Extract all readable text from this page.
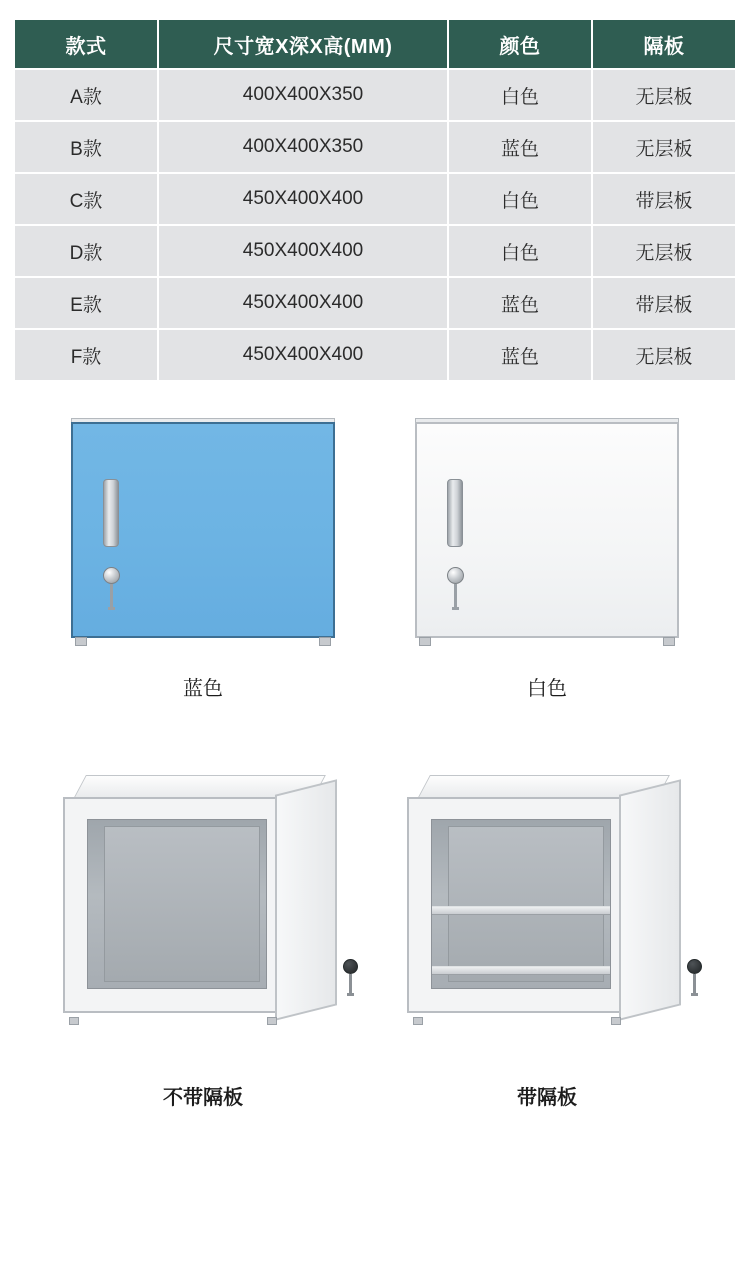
款式	尺寸宽X深X高(MM)	颜色	隔板
A款	400X400X350	白色	无层板
B款	400X400X350	蓝色	无层板
C款	450X400X400	白色	带层板
D款	450X400X400	白色	无层板
E款	450X400X400	蓝色	带层板
F款	450X400X400	蓝色	无层板
蓝色	白色
不带隔板	带隔板
